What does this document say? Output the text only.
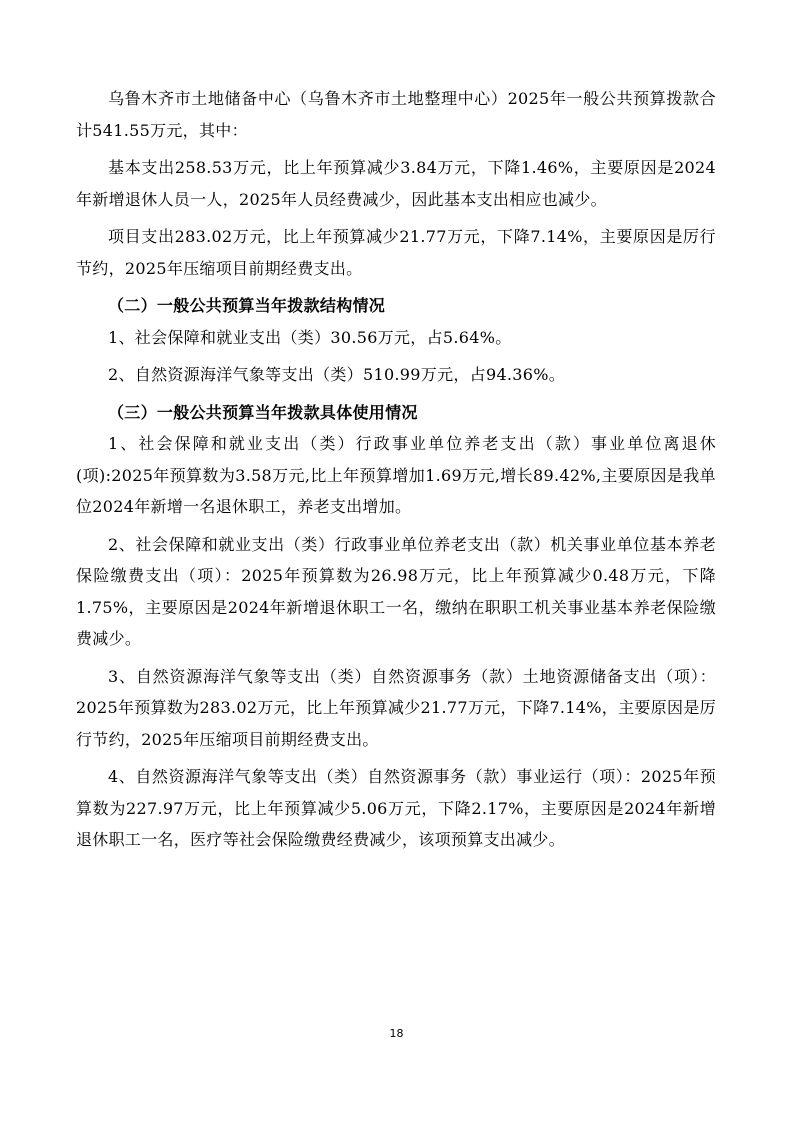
乌鲁木齐市土地储备中心（乌鲁木齐市土地整理中心）2025年一般公共预算拨款合计541.55万元，其中：

基本支出258.53万元，比上年预算减少3.84万元，下降1.46%，主要原因是2024年新增退休人员一人，2025年人员经费减少，因此基本支出相应也减少。

项目支出283.02万元，比上年预算减少21.77万元，下降7.14%，主要原因是厉行节约，2025年压缩项目前期经费支出。

（二）一般公共预算当年拨款结构情况

1、社会保障和就业支出（类）30.56万元，占5.64%。

2、自然资源海洋气象等支出（类）510.99万元，占94.36%。

（三）一般公共预算当年拨款具体使用情况

1、社会保障和就业支出（类）行政事业单位养老支出（款）事业单位离退休(项):2025年预算数为3.58万元,比上年预算增加1.69万元,增长89.42%,主要原因是我单位2024年新增一名退休职工，养老支出增加。

2、社会保障和就业支出（类）行政事业单位养老支出（款）机关事业单位基本养老保险缴费支出（项）：2025年预算数为26.98万元，比上年预算减少0.48万元，下降1.75%，主要原因是2024年新增退休职工一名，缴纳在职职工机关事业基本养老保险缴费减少。

3、自然资源海洋气象等支出（类）自然资源事务（款）土地资源储备支出（项）：2025年预算数为283.02万元，比上年预算减少21.77万元，下降7.14%，主要原因是厉行节约，2025年压缩项目前期经费支出。

4、自然资源海洋气象等支出（类）自然资源事务（款）事业运行（项）：2025年预算数为227.97万元，比上年预算减少5.06万元，下降2.17%，主要原因是2024年新增退休职工一名，医疗等社会保险缴费经费减少，该项预算支出减少。

18
